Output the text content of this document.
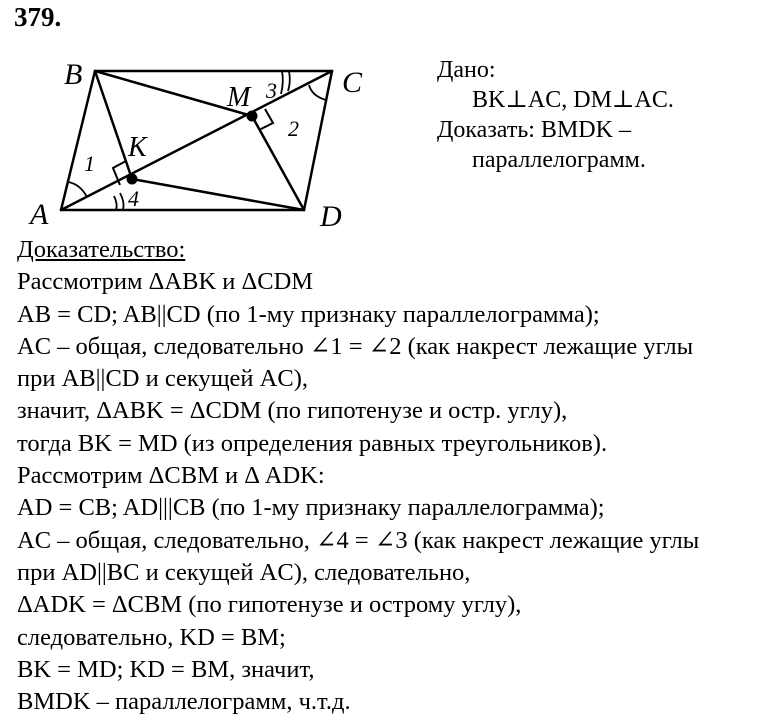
379.
A
B	C
D
K
M
1
2
3
4
Дано:
BK⊥AC, DM⊥AC.
Доказать: BMDK –
параллелограмм.
Доказательство:
Рассмотрим ΔABK и ΔCDM
AB = CD; AB||CD (по 1-му признаку параллелограмма);
AC – общая, следовательно ∠1 = ∠2 (как накрест лежащие углы
при AB||CD и секущей AC),
значит, ΔABK = ΔCDM (по гипотенузе и остр. углу),
тогда BK = MD (из определения равных треугольников).
Рассмотрим ΔCBM и Δ ADK:
AD = CB; AD|||CB (по 1-му признаку параллелограмма);
AC – общая, следовательно, ∠4 = ∠3 (как накрест лежащие углы
при AD||BC и секущей AC), следовательно,
ΔADK = ΔCBM (по гипотенузе и острому углу),
следовательно, KD = BM;
BK = MD; KD = BM, значит,
BMDK – параллелограмм, ч.т.д.
